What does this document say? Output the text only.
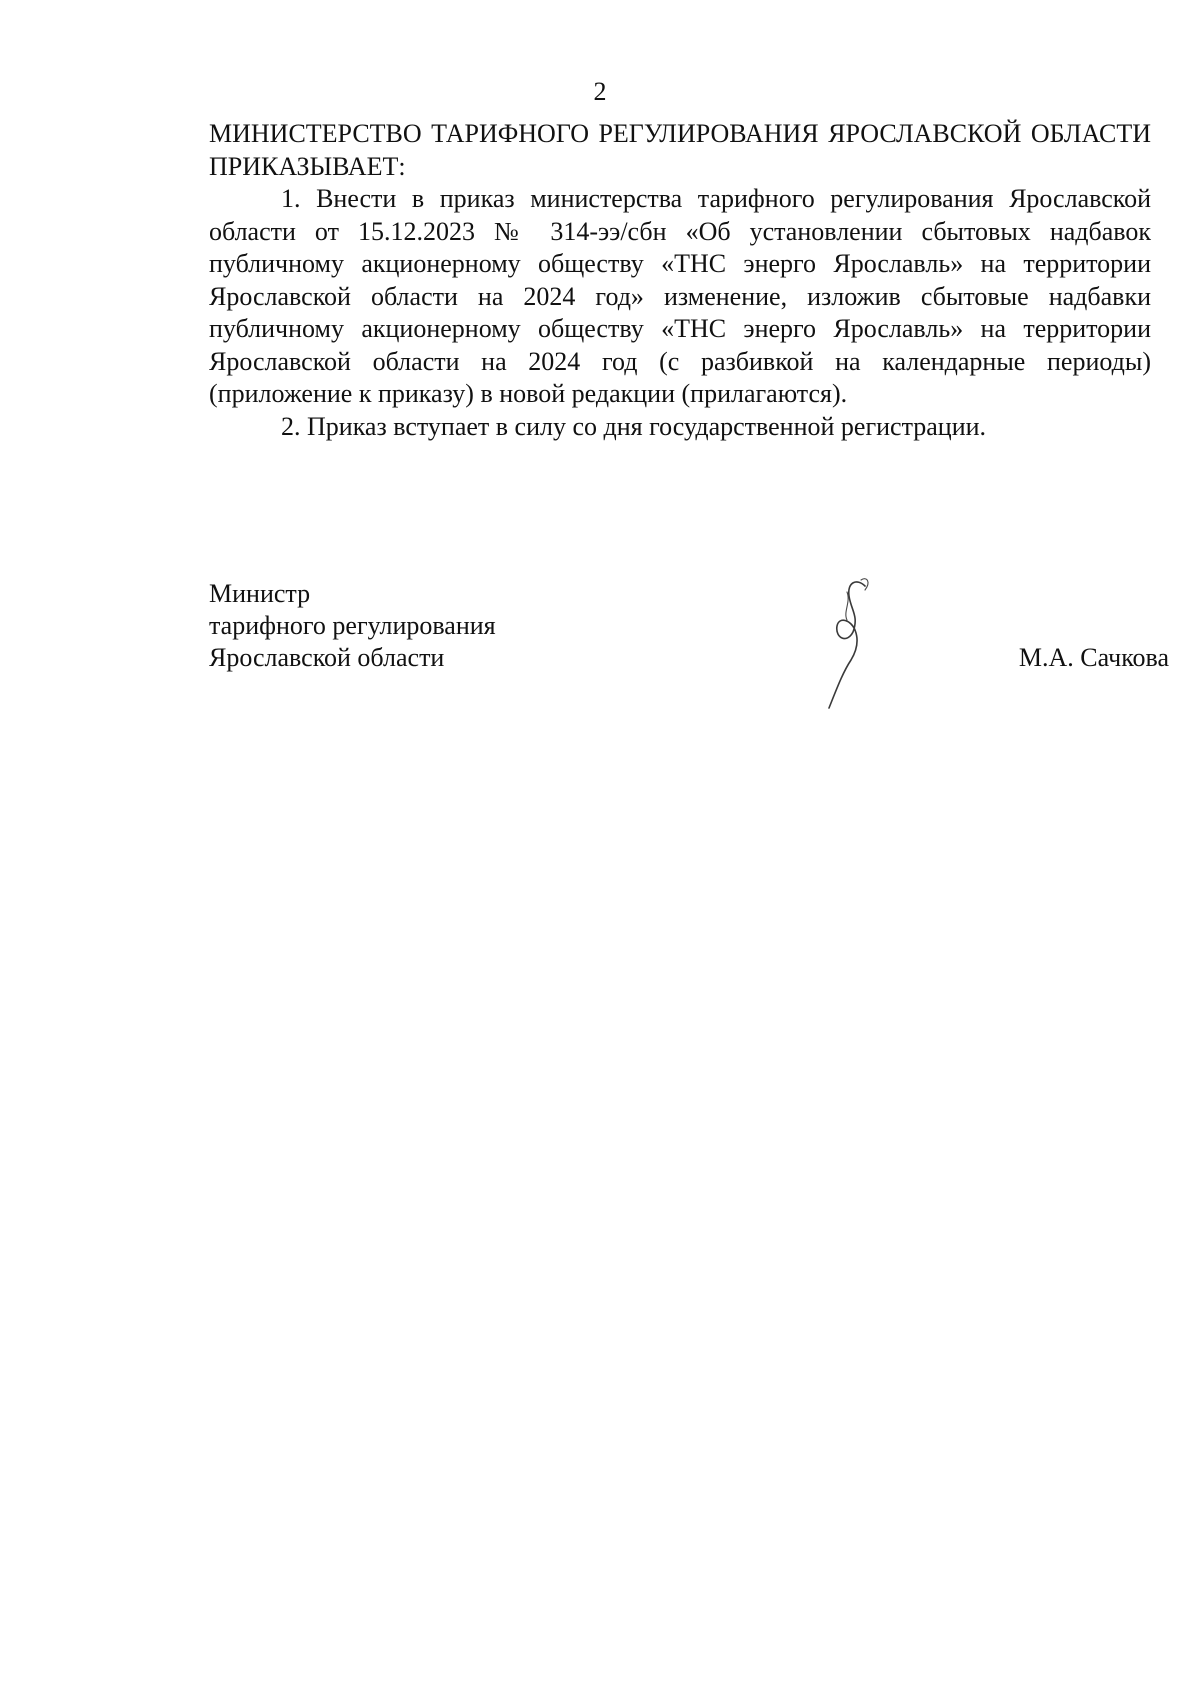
2

МИНИСТЕРСТВО ТАРИФНОГО РЕГУЛИРОВАНИЯ ЯРОСЛАВСКОЙ ОБЛАСТИ ПРИКАЗЫВАЕТ:

1. Внести в приказ министерства тарифного регулирования Ярославской области от 15.12.2023 № 314-ээ/сбн «Об установлении сбытовых надбавок публичному акционерному обществу «ТНС энерго Ярославль» на территории Ярославской области на 2024 год» изменение, изложив сбытовые надбавки публичному акционерному обществу «ТНС энерго Ярославль» на территории Ярославской области на 2024 год (с разбивкой на календарные периоды) (приложение к приказу) в новой редакции (прилагаются).

2. Приказ вступает в силу со дня государственной регистрации.

Министр
тарифного регулирования
Ярославской области	М.А. Сачкова
